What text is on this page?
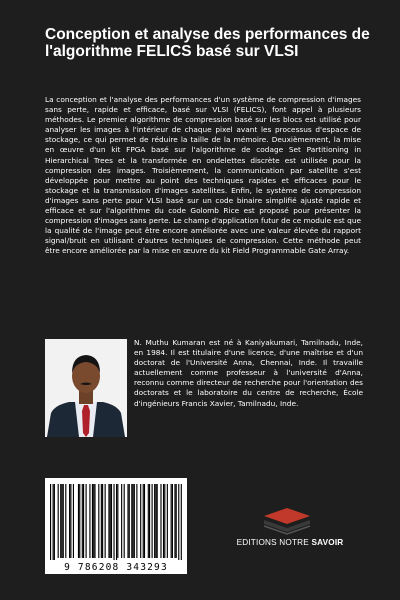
Conception et analyse des performances de l'algorithme FELICS basé sur VLSI

La conception et l'analyse des performances d'un système de compression d'images sans perte, rapide et efficace, basé sur VLSI (FELICS), font appel à plusieurs méthodes. Le premier algorithme de compression basé sur les blocs est utilisé pour analyser les images à l'intérieur de chaque pixel avant les processus d'espace de stockage, ce qui permet de réduire la taille de la mémoire. Deuxièmement, la mise en œuvre d'un kit FPGA basé sur l'algorithme de codage Set Partitioning in Hierarchical Trees et la transformée en ondelettes discrète est utilisée pour la compression des images. Troisièmement, la communication par satellite s'est développée pour mettre au point des techniques rapides et efficaces pour le stockage et la transmission d'images satellites. Enfin, le système de compression d'images sans perte pour VLSI basé sur un code binaire simplifié ajusté rapide et efficace et sur l'algorithme du code Golomb Rice est proposé pour présenter la compression d'images sans perte. Le champ d'application futur de ce module est que la qualité de l'image peut être encore améliorée avec une valeur élevée du rapport signal/bruit en utilisant d'autres techniques de compression. Cette méthode peut être encore améliorée par la mise en œuvre du kit Field Programmable Gate Array.

N. Muthu Kumaran est né à Kaniyakumari, Tamilnadu, Inde, en 1984. Il est titulaire d'une licence, d'une maîtrise et d'un doctorat de l'Université Anna, Chennai, Inde. Il travaille actuellement comme professeur à l'université d'Anna, reconnu comme directeur de recherche pour l'orientation des doctorats et le laboratoire du centre de recherche, École d'ingénieurs Francis Xavier, Tamilnadu, Inde.

9 786208 343293
EDITIONS NOTRE SAVOIR
